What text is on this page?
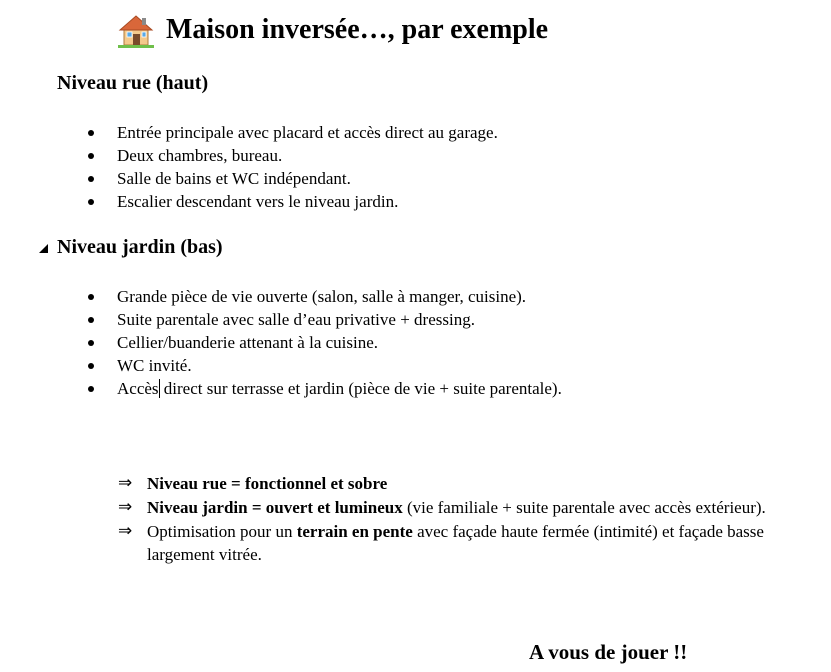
Maison inversée…, par exemple
Niveau rue (haut)
Entrée principale avec placard et accès direct au garage.
Deux chambres, bureau.
Salle de bains et WC indépendant.
Escalier descendant vers le niveau jardin.
Niveau jardin (bas)
Grande pièce de vie ouverte (salon, salle à manger, cuisine).
Suite parentale avec salle d’eau privative + dressing.
Cellier/buanderie attenant à la cuisine.
WC invité.
Accès direct sur terrasse et jardin (pièce de vie + suite parentale).
⇒ Niveau rue = fonctionnel et sobre
⇒ Niveau jardin = ouvert et lumineux (vie familiale + suite parentale avec accès extérieur).
⇒ Optimisation pour un terrain en pente avec façade haute fermée (intimité) et façade basse largement vitrée.
A vous de jouer !!
